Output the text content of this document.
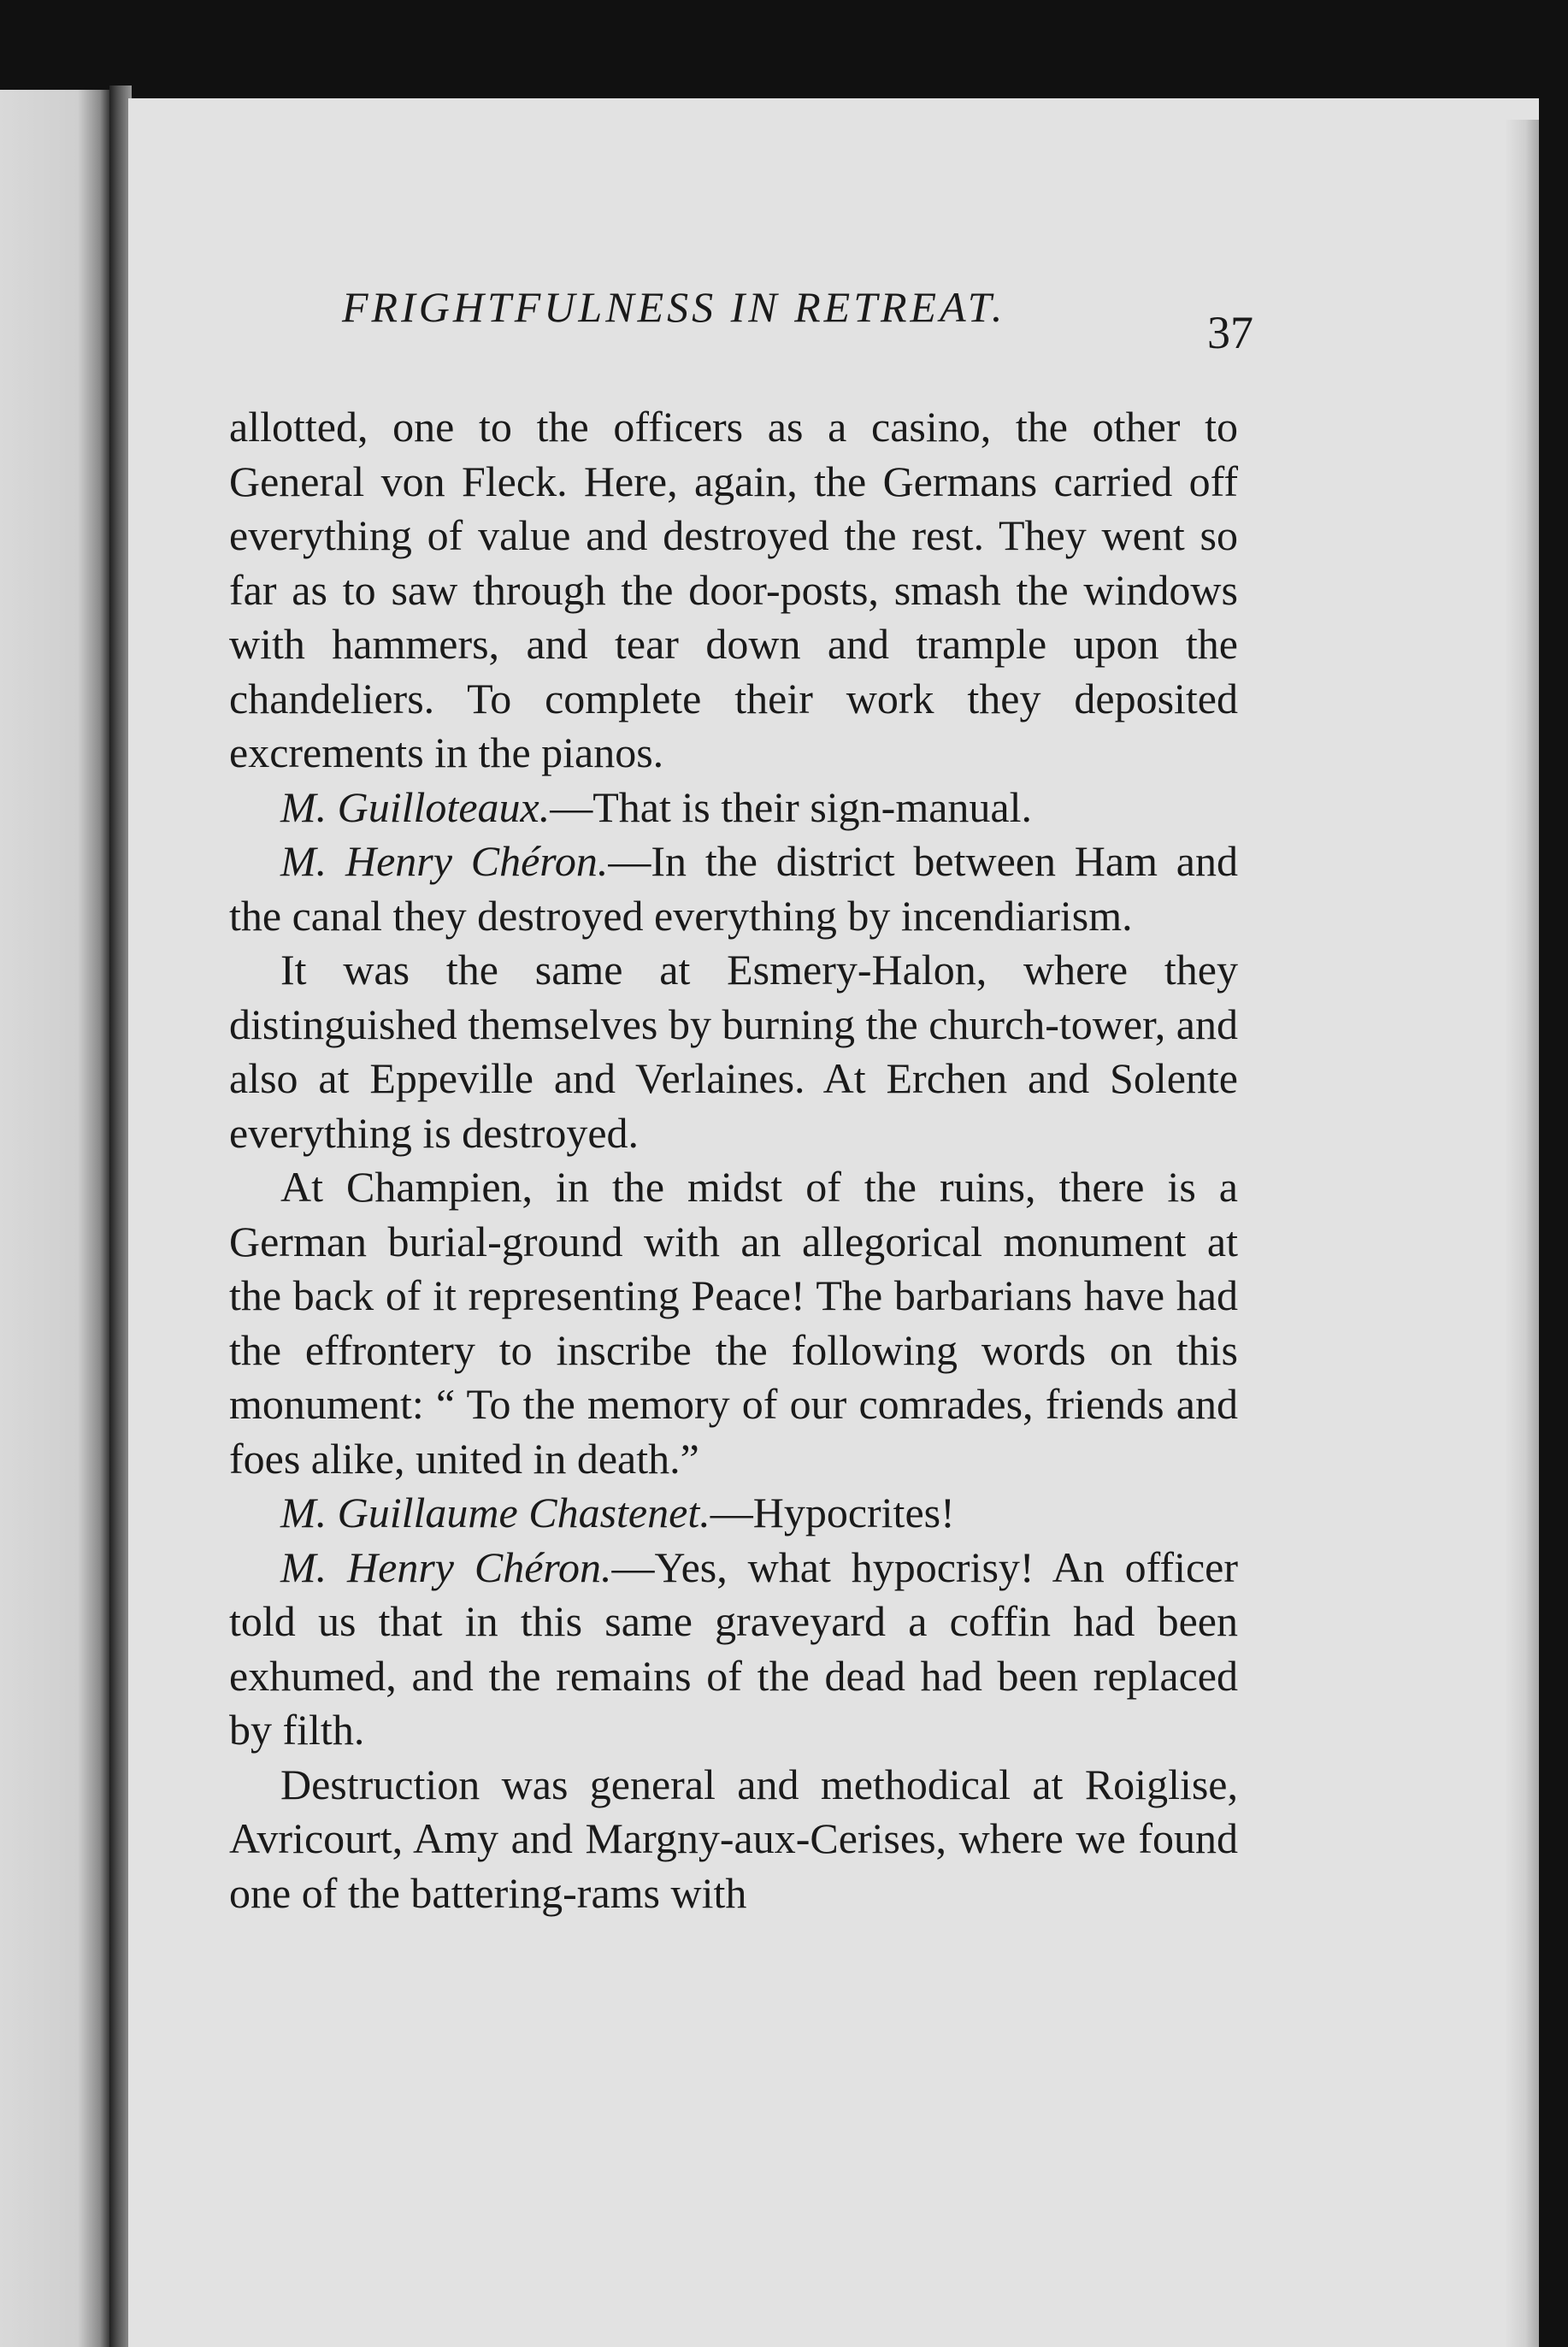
FRIGHTFULNESS IN RETREAT.	37

allotted, one to the officers as a casino, the other to General von Fleck. Here, again, the Germans carried off everything of value and destroyed the rest. They went so far as to saw through the door-posts, smash the windows with hammers, and tear down and trample upon the chandeliers. To complete their work they deposited excrements in the pianos.

M. Guilloteaux.—That is their sign-manual.

M. Henry Chéron.—In the district between Ham and the canal they destroyed everything by incendiarism.

It was the same at Esmery-Halon, where they distinguished themselves by burning the church-tower, and also at Eppeville and Verlaines. At Erchen and Solente everything is destroyed.

At Champien, in the midst of the ruins, there is a German burial-ground with an allegorical monument at the back of it representing Peace! The barbarians have had the effrontery to inscribe the following words on this monument: “ To the memory of our comrades, friends and foes alike, united in death.”

M. Guillaume Chastenet.—Hypocrites!

M. Henry Chéron.—Yes, what hypocrisy! An officer told us that in this same graveyard a coffin had been exhumed, and the remains of the dead had been replaced by filth.

Destruction was general and methodical at Roiglise, Avricourt, Amy and Margny-aux-Cerises, where we found one of the battering-rams with
